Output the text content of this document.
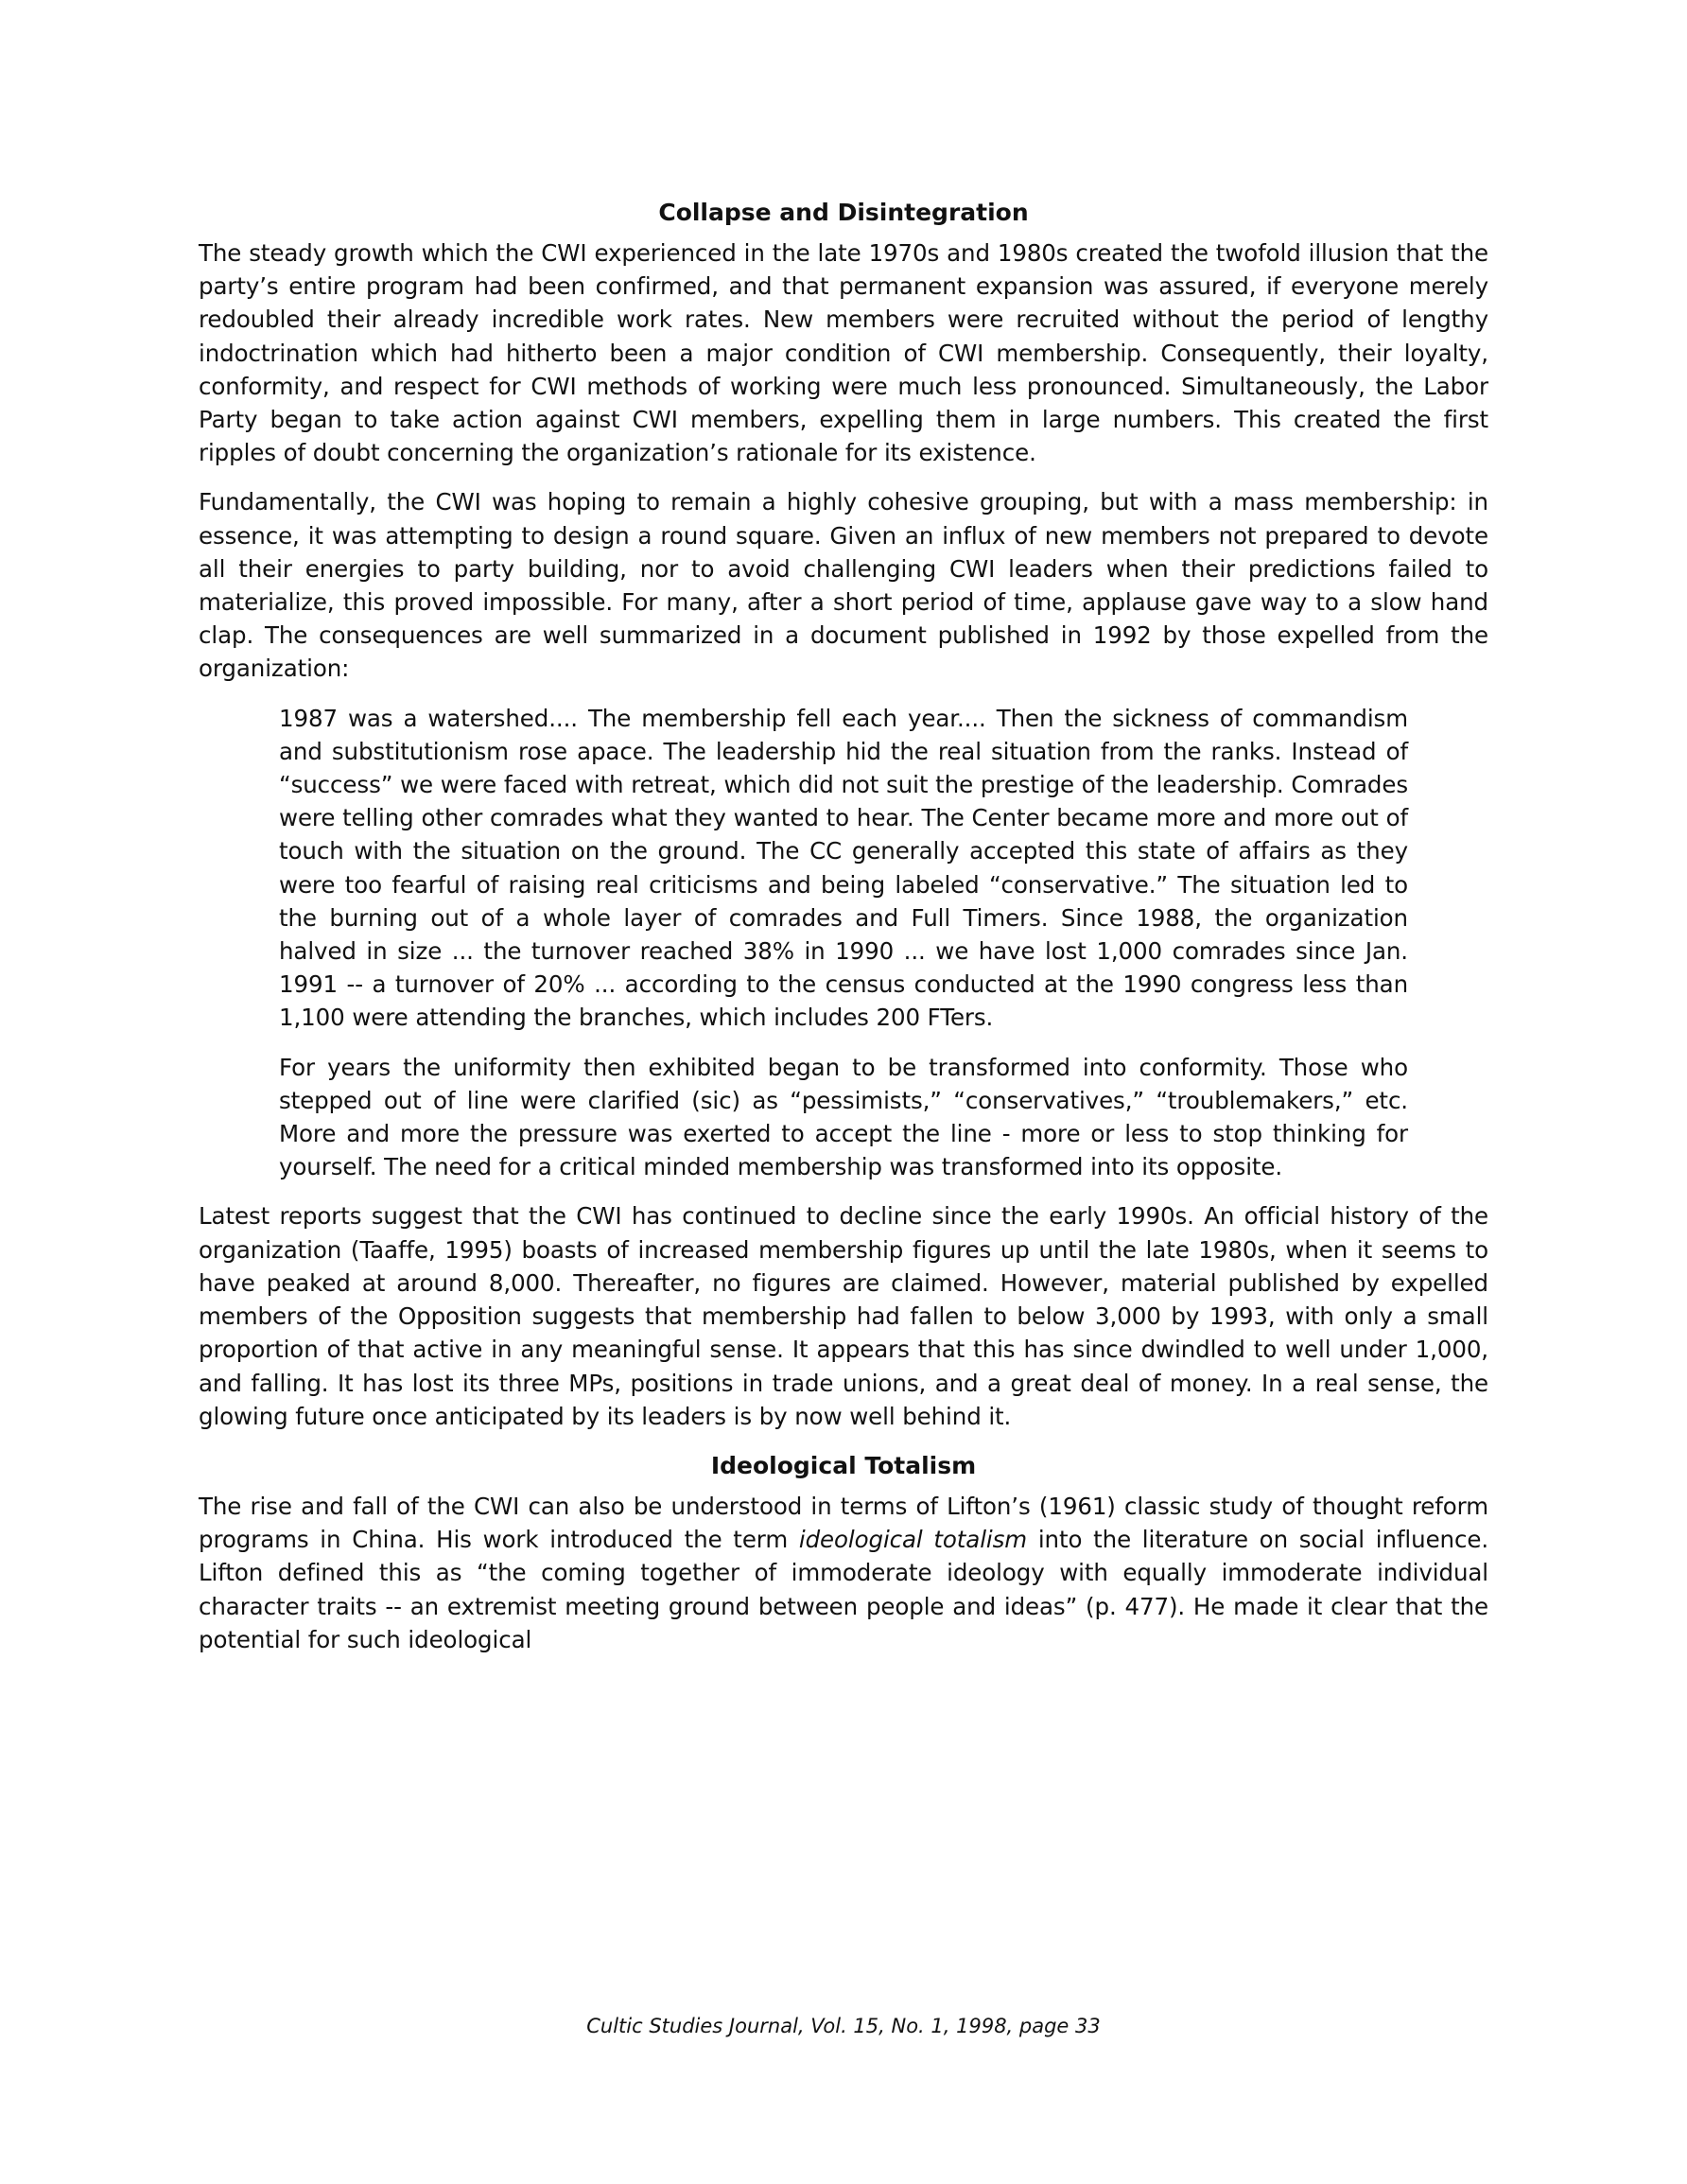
Collapse and Disintegration

The steady growth which the CWI experienced in the late 1970s and 1980s created the twofold illusion that the party’s entire program had been confirmed, and that permanent expansion was assured, if everyone merely redoubled their already incredible work rates. New members were recruited without the period of lengthy indoctrination which had hitherto been a major condition of CWI membership. Consequently, their loyalty, conformity, and respect for CWI methods of working were much less pronounced. Simultaneously, the Labor Party began to take action against CWI members, expelling them in large numbers. This created the first ripples of doubt concerning the organization’s rationale for its existence.

Fundamentally, the CWI was hoping to remain a highly cohesive grouping, but with a mass membership: in essence, it was attempting to design a round square. Given an influx of new members not prepared to devote all their energies to party building, nor to avoid challenging CWI leaders when their predictions failed to materialize, this proved impossible. For many, after a short period of time, applause gave way to a slow hand clap. The consequences are well summarized in a document published in 1992 by those expelled from the organization:

1987 was a watershed.... The membership fell each year.... Then the sickness of commandism and substitutionism rose apace. The leadership hid the real situation from the ranks. Instead of “success” we were faced with retreat, which did not suit the prestige of the leadership. Comrades were telling other comrades what they wanted to hear. The Center became more and more out of touch with the situation on the ground. The CC generally accepted this state of affairs as they were too fearful of raising real criticisms and being labeled “conservative.” The situation led to the burning out of a whole layer of comrades and Full Timers. Since 1988, the organization halved in size ... the turnover reached 38% in 1990 ... we have lost 1,000 comrades since Jan. 1991 -- a turnover of 20% ... according to the census conducted at the 1990 congress less than 1,100 were attending the branches, which includes 200 FTers.

For years the uniformity then exhibited began to be transformed into conformity. Those who stepped out of line were clarified (sic) as “pessimists,” “conservatives,” “troublemakers,” etc. More and more the pressure was exerted to accept the line - more or less to stop thinking for yourself. The need for a critical minded membership was transformed into its opposite.

Latest reports suggest that the CWI has continued to decline since the early 1990s. An official history of the organization (Taaffe, 1995) boasts of increased membership figures up until the late 1980s, when it seems to have peaked at around 8,000. Thereafter, no figures are claimed. However, material published by expelled members of the Opposition suggests that membership had fallen to below 3,000 by 1993, with only a small proportion of that active in any meaningful sense. It appears that this has since dwindled to well under 1,000, and falling. It has lost its three MPs, positions in trade unions, and a great deal of money. In a real sense, the glowing future once anticipated by its leaders is by now well behind it.

Ideological Totalism

The rise and fall of the CWI can also be understood in terms of Lifton’s (1961) classic study of thought reform programs in China. His work introduced the term ideological totalism into the literature on social influence. Lifton defined this as “the coming together of immoderate ideology with equally immoderate individual character traits -- an extremist meeting ground between people and ideas” (p. 477). He made it clear that the potential for such ideological

Cultic Studies Journal, Vol. 15, No. 1, 1998, page 33
